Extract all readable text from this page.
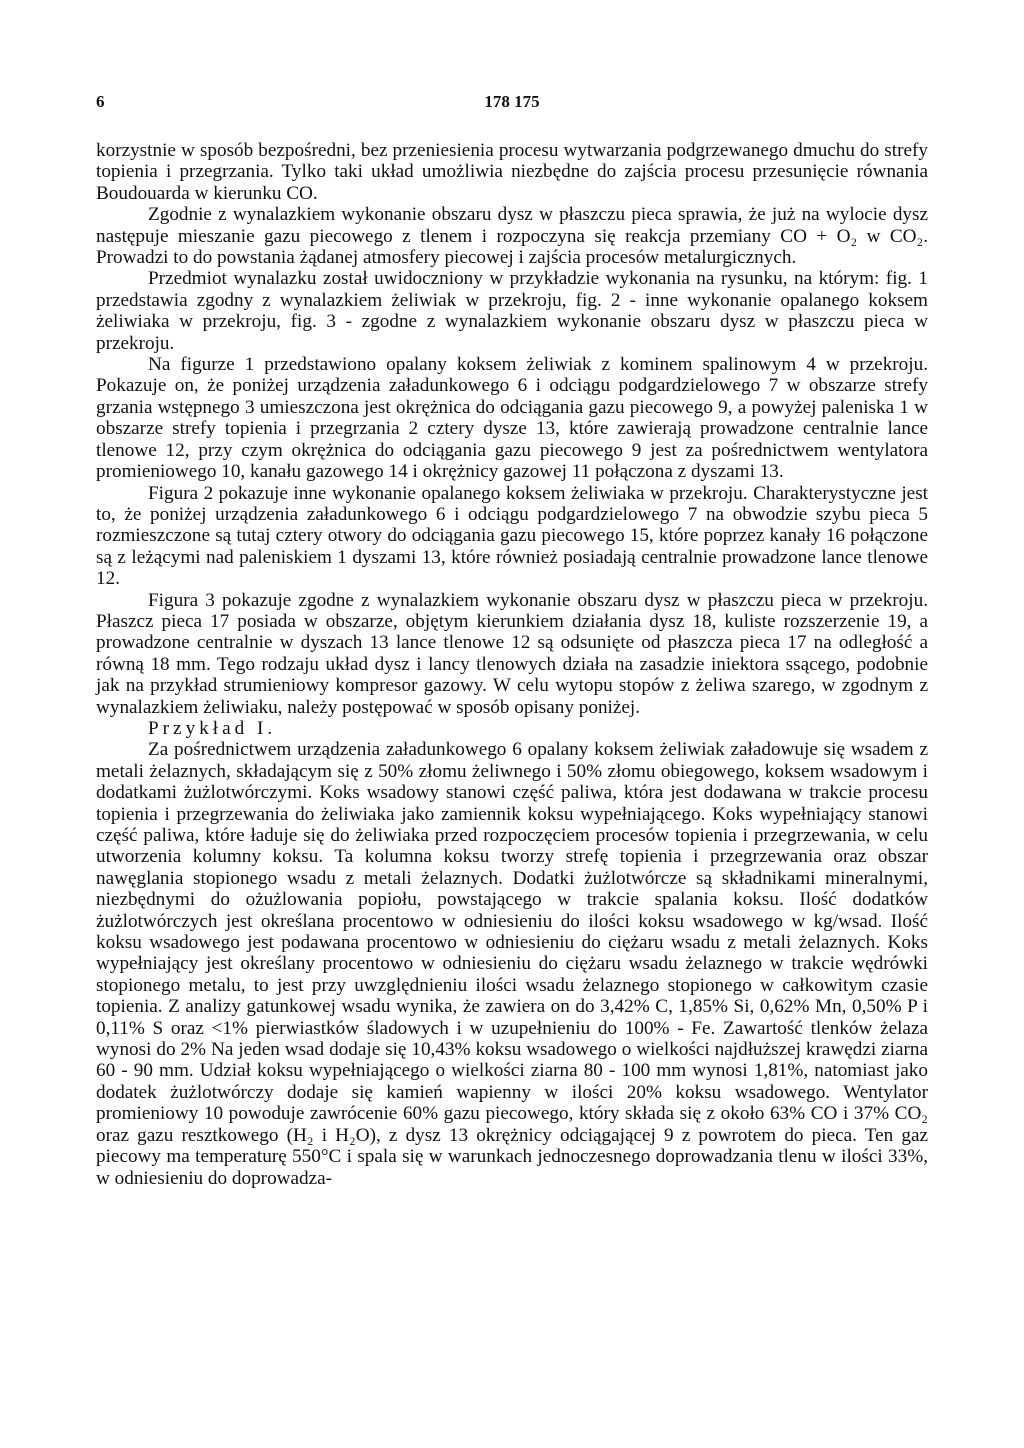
6	178 175

korzystnie w sposób bezpośredni, bez przeniesienia procesu wytwarzania podgrzewanego dmuchu do strefy topienia i przegrzania. Tylko taki układ umożliwia niezbędne do zajścia procesu przesunięcie równania Boudouarda w kierunku CO.

Zgodnie z wynalazkiem wykonanie obszaru dysz w płaszczu pieca sprawia, że już na wylocie dysz następuje mieszanie gazu piecowego z tlenem i rozpoczyna się reakcja przemiany CO + O₂ w CO₂. Prowadzi to do powstania żądanej atmosfery piecowej i zajścia procesów metalurgicznych.

Przedmiot wynalazku został uwidoczniony w przykładzie wykonania na rysunku, na którym: fig. 1 przedstawia zgodny z wynalazkiem żeliwiak w przekroju, fig. 2 - inne wykonanie opalanego koksem żeliwiaka w przekroju, fig. 3 - zgodne z wynalazkiem wykonanie obszaru dysz w płaszczu pieca w przekroju.

Na figurze 1 przedstawiono opalany koksem żeliwiak z kominem spalinowym 4 w przekroju. Pokazuje on, że poniżej urządzenia załadunkowego 6 i odciągu podgardzielowego 7 w obszarze strefy grzania wstępnego 3 umieszczona jest okrężnica do odciągania gazu piecowego 9, a powyżej paleniska 1 w obszarze strefy topienia i przegrzania 2 cztery dysze 13, które zawierają prowadzone centralnie lance tlenowe 12, przy czym okrężnica do odciągania gazu piecowego 9 jest za pośrednictwem wentylatora promieniowego 10, kanału gazowego 14 i okrężnicy gazowej 11 połączona z dyszami 13.

Figura 2 pokazuje inne wykonanie opalanego koksem żeliwiaka w przekroju. Charakterystyczne jest to, że poniżej urządzenia załadunkowego 6 i odciągu podgardzielowego 7 na obwodzie szybu pieca 5 rozmieszczone są tutaj cztery otwory do odciągania gazu piecowego 15, które poprzez kanały 16 połączone są z leżącymi nad paleniskiem 1 dyszami 13, które również posiadają centralnie prowadzone lance tlenowe 12.

Figura 3 pokazuje zgodne z wynalazkiem wykonanie obszaru dysz w płaszczu pieca w przekroju. Płaszcz pieca 17 posiada w obszarze, objętym kierunkiem działania dysz 18, kuliste rozszerzenie 19, a prowadzone centralnie w dyszach 13 lance tlenowe 12 są odsunięte od płaszcza pieca 17 na odległość a równą 18 mm. Tego rodzaju układ dysz i lancy tlenowych działa na zasadzie iniektora ssącego, podobnie jak na przykład strumieniowy kompresor gazowy. W celu wytopu stopów z żeliwa szarego, w zgodnym z wynalazkiem żeliwiaku, należy postępować w sposób opisany poniżej.

Przykład I.

Za pośrednictwem urządzenia załadunkowego 6 opalany koksem żeliwiak załadowuje się wsadem z metali żelaznych, składającym się z 50% złomu żeliwnego i 50% złomu obiegowego, koksem wsadowym i dodatkami żużlotwórczymi. Koks wsadowy stanowi część paliwa, która jest dodawana w trakcie procesu topienia i przegrzewania do żeliwiaka jako zamiennik koksu wypełniającego. Koks wypełniający stanowi część paliwa, które ładuje się do żeliwiaka przed rozpoczęciem procesów topienia i przegrzewania, w celu utworzenia kolumny koksu. Ta kolumna koksu tworzy strefę topienia i przegrzewania oraz obszar nawęglania stopionego wsadu z metali żelaznych. Dodatki żużlotwórcze są składnikami mineralnymi, niezbędnymi do ożużlowania popiołu, powstającego w trakcie spalania koksu. Ilość dodatków żużlotwórczych jest określana procentowo w odniesieniu do ilości koksu wsadowego w kg/wsad. Ilość koksu wsadowego jest podawana procentowo w odniesieniu do ciężaru wsadu z metali żelaznych. Koks wypełniający jest określany procentowo w odniesieniu do ciężaru wsadu żelaznego w trakcie wędrówki stopionego metalu, to jest przy uwzględnieniu ilości wsadu żelaznego stopionego w całkowitym czasie topienia. Z analizy gatunkowej wsadu wynika, że zawiera on do 3,42% C, 1,85% Si, 0,62% Mn, 0,50% P i 0,11% S oraz <1% pierwiastków śladowych i w uzupełnieniu do 100% - Fe. Zawartość tlenków żelaza wynosi do 2% Na jeden wsad dodaje się 10,43% koksu wsadowego o wielkości najdłuższej krawędzi ziarna 60 - 90 mm. Udział koksu wypełniającego o wielkości ziarna 80 - 100 mm wynosi 1,81%, natomiast jako dodatek żużlotwórczy dodaje się kamień wapienny w ilości 20% koksu wsadowego. Wentylator promieniowy 10 powoduje zawrócenie 60% gazu piecowego, który składa się z około 63% CO i 37% CO₂ oraz gazu resztkowego (H₂ i H₂O), z dysz 13 okrężnicy odciągającej 9 z powrotem do pieca. Ten gaz piecowy ma temperaturę 550°C i spala się w warunkach jednoczesnego doprowadzania tlenu w ilości 33%, w odniesieniu do doprowadza-
